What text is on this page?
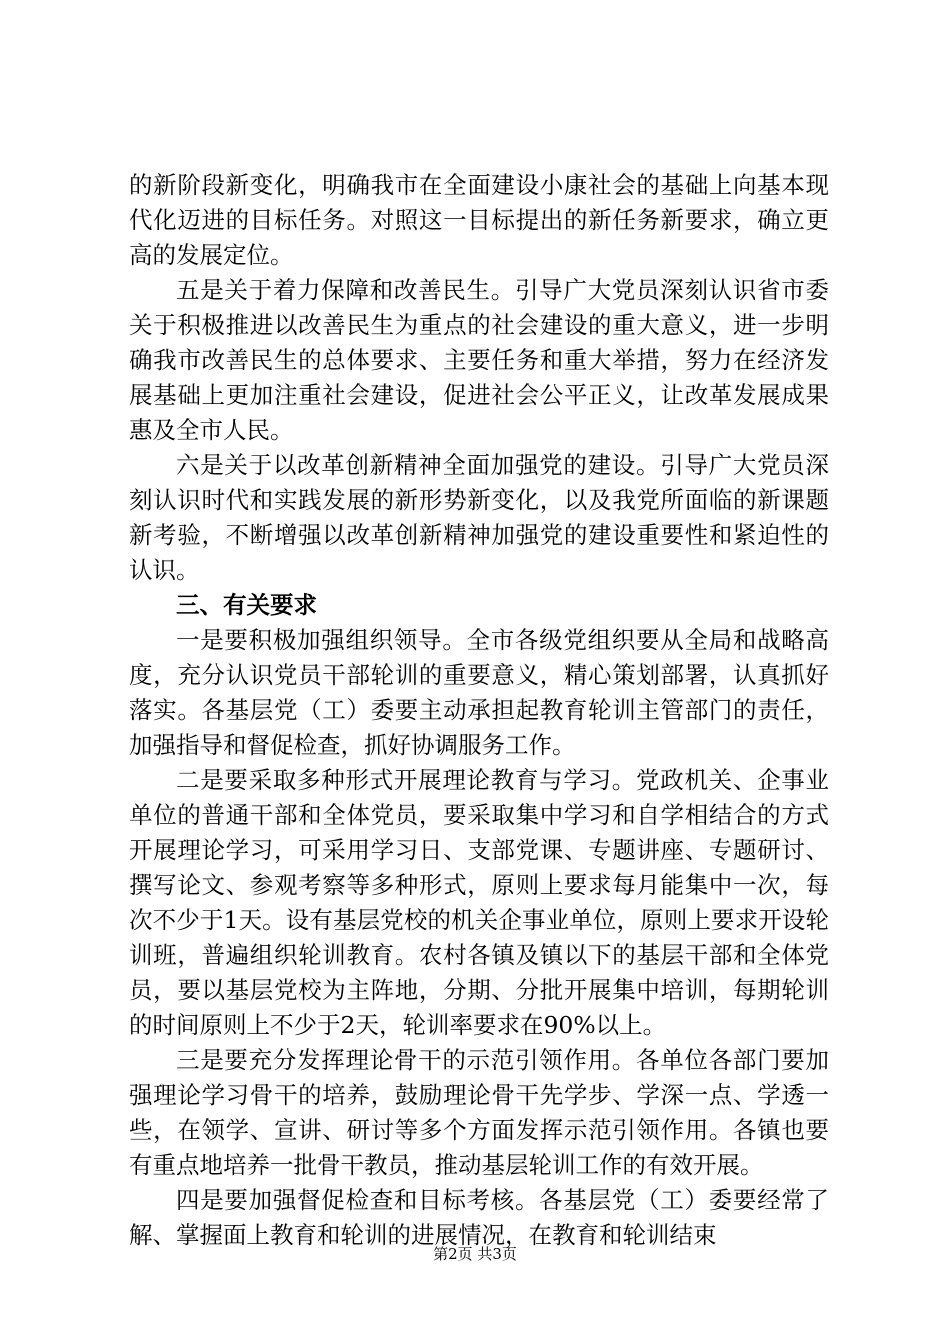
的新阶段新变化，明确我市在全面建设小康社会的基础上向基本现代化迈进的目标任务。对照这一目标提出的新任务新要求，确立更高的发展定位。

五是关于着力保障和改善民生。引导广大党员深刻认识省市委关于积极推进以改善民生为重点的社会建设的重大意义，进一步明确我市改善民生的总体要求、主要任务和重大举措，努力在经济发展基础上更加注重社会建设，促进社会公平正义，让改革发展成果惠及全市人民。

六是关于以改革创新精神全面加强党的建设。引导广大党员深刻认识时代和实践发展的新形势新变化，以及我党所面临的新课题新考验，不断增强以改革创新精神加强党的建设重要性和紧迫性的认识。

三、有关要求

一是要积极加强组织领导。全市各级党组织要从全局和战略高度，充分认识党员干部轮训的重要意义，精心策划部署，认真抓好落实。各基层党（工）委要主动承担起教育轮训主管部门的责任，加强指导和督促检查，抓好协调服务工作。

二是要采取多种形式开展理论教育与学习。党政机关、企事业单位的普通干部和全体党员，要采取集中学习和自学相结合的方式开展理论学习，可采用学习日、支部党课、专题讲座、专题研讨、撰写论文、参观考察等多种形式，原则上要求每月能集中一次，每次不少于1天。设有基层党校的机关企事业单位，原则上要求开设轮训班，普遍组织轮训教育。农村各镇及镇以下的基层干部和全体党员，要以基层党校为主阵地，分期、分批开展集中培训，每期轮训的时间原则上不少于2天，轮训率要求在90%以上。

三是要充分发挥理论骨干的示范引领作用。各单位各部门要加强理论学习骨干的培养，鼓励理论骨干先学步、学深一点、学透一些，在领学、宣讲、研讨等多个方面发挥示范引领作用。各镇也要有重点地培养一批骨干教员，推动基层轮训工作的有效开展。

四是要加强督促检查和目标考核。各基层党（工）委要经常了解、掌握面上教育和轮训的进展情况，在教育和轮训结束

第2页 共3页
